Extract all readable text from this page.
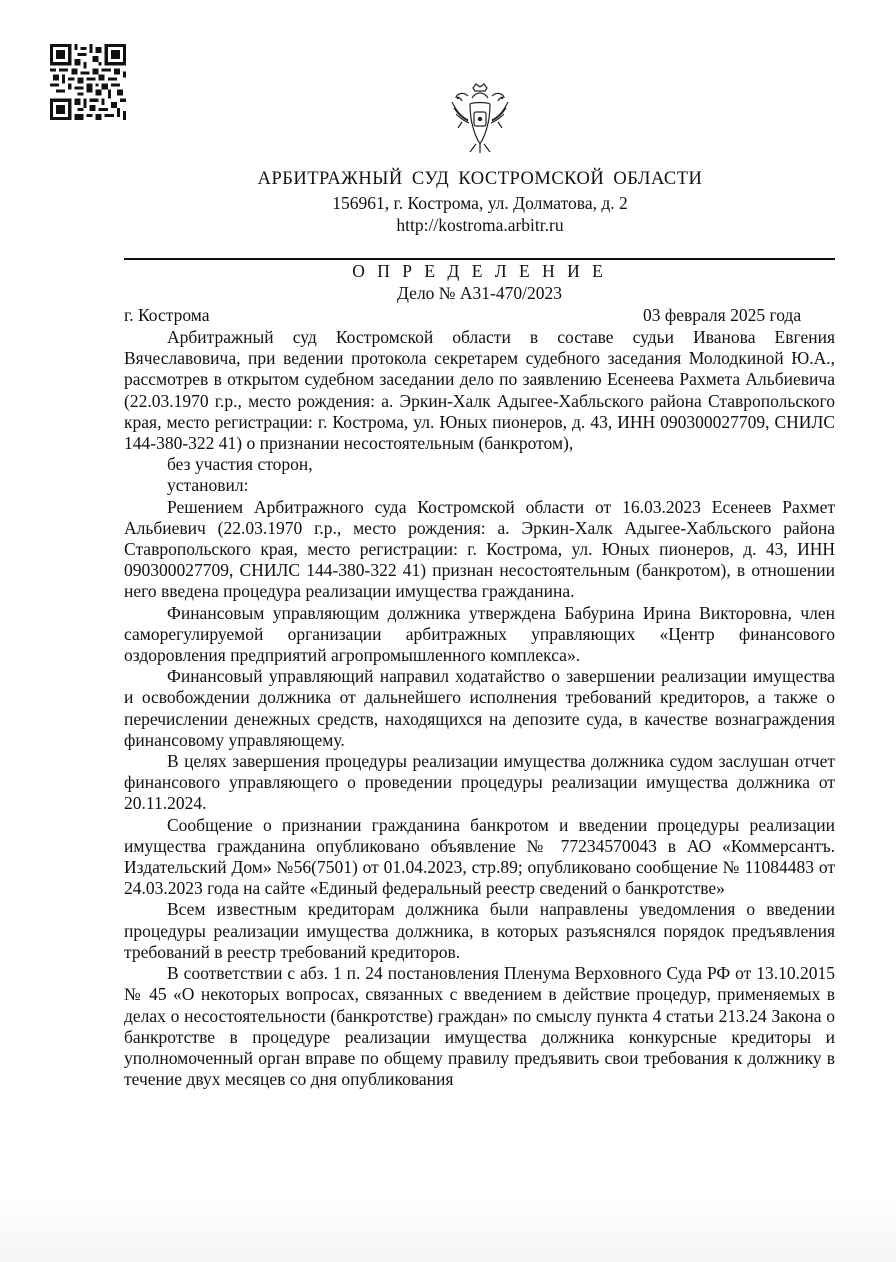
АРБИТРАЖНЫЙ СУД КОСТРОМСКОЙ ОБЛАСТИ
156961, г. Кострома, ул. Долматова, д. 2
http://kostroma.arbitr.ru
О П Р Е Д Е Л Е Н И Е
Дело № А31-470/2023
г. Кострома	03 февраля 2025 года

Арбитражный суд Костромской области в составе судьи Иванова Евгения Вячеславовича, при ведении протокола секретарем судебного заседания Молодкиной Ю.А., рассмотрев в открытом судебном заседании дело по заявлению Есенеева Рахмета Альбиевича (22.03.1970 г.р., место рождения: а. Эркин-Халк Адыгее-Хабльского района Ставропольского края, место регистрации: г. Кострома, ул. Юных пионеров, д. 43, ИНН 090300027709, СНИЛС 144-380-322 41) о признании несостоятельным (банкротом),

без участия сторон,

установил:

Решением Арбитражного суда Костромской области от 16.03.2023 Есенеев Рахмет Альбиевич (22.03.1970 г.р., место рождения: а. Эркин-Халк Адыгее-Хабльского района Ставропольского края, место регистрации: г. Кострома, ул. Юных пионеров, д. 43, ИНН 090300027709, СНИЛС 144-380-322 41) признан несостоятельным (банкротом), в отношении него введена процедура реализации имущества гражданина.

Финансовым управляющим должника утверждена Бабурина Ирина Викторовна, член саморегулируемой организации арбитражных управляющих «Центр финансового оздоровления предприятий агропромышленного комплекса».

Финансовый управляющий направил ходатайство о завершении реализации имущества и освобождении должника от дальнейшего исполнения требований кредиторов, а также о перечислении денежных средств, находящихся на депозите суда, в качестве вознаграждения финансовому управляющему.

В целях завершения процедуры реализации имущества должника судом заслушан отчет финансового управляющего о проведении процедуры реализации имущества должника от 20.11.2024.

Сообщение о признании гражданина банкротом и введении процедуры реализации имущества гражданина опубликовано объявление № 77234570043 в АО «Коммерсантъ. Издательский Дом» №56(7501) от 01.04.2023, стр.89; опубликовано сообщение № 11084483 от 24.03.2023 года на сайте «Единый федеральный реестр сведений о банкротстве»

Всем известным кредиторам должника были направлены уведомления о введении процедуры реализации имущества должника, в которых разъяснялся порядок предъявления требований в реестр требований кредиторов.

В соответствии с абз. 1 п. 24 постановления Пленума Верховного Суда РФ от 13.10.2015 № 45 «О некоторых вопросах, связанных с введением в действие процедур, применяемых в делах о несостоятельности (банкротстве) граждан» по смыслу пункта 4 статьи 213.24 Закона о банкротстве в процедуре реализации имущества должника конкурсные кредиторы и уполномоченный орган вправе по общему правилу предъявить свои требования к должнику в течение двух месяцев со дня опубликования
